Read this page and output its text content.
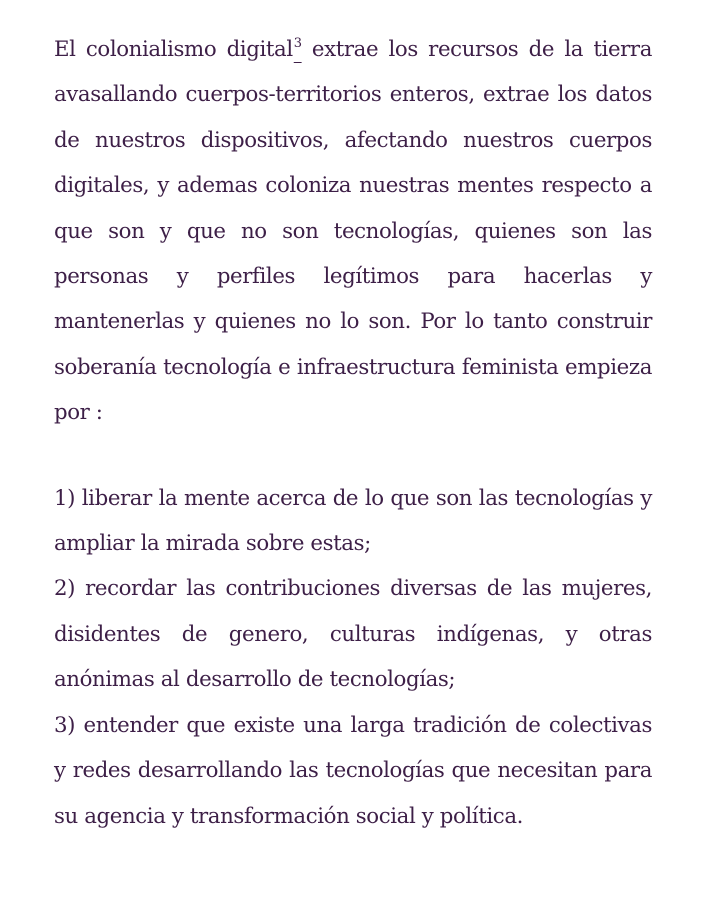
El colonialismo digital$^3$ extrae los recursos de la tierra avasallando cuerpos-territorios enteros, extrae los datos de nuestros dispositivos, afectando nuestros cuerpos digitales, y ademas coloniza nuestras mentes respecto a que son y que no son tecnologías, quienes son las personas y perfiles legítimos para hacerlas y mantenerlas y quienes no lo son. Por lo tanto construir soberanía tecnología e infraestructura feminista empieza por :

1) liberar la mente acerca de lo que son las tecnologías y ampliar la mirada sobre estas;

2) recordar las contribuciones diversas de las mujeres, disidentes de genero, culturas indígenas, y otras anónimas al desarrollo de tecnologías;

3) entender que existe una larga tradición de colectivas y redes desarrollando las tecnologías que necesitan para su agencia y transformación social y política.
